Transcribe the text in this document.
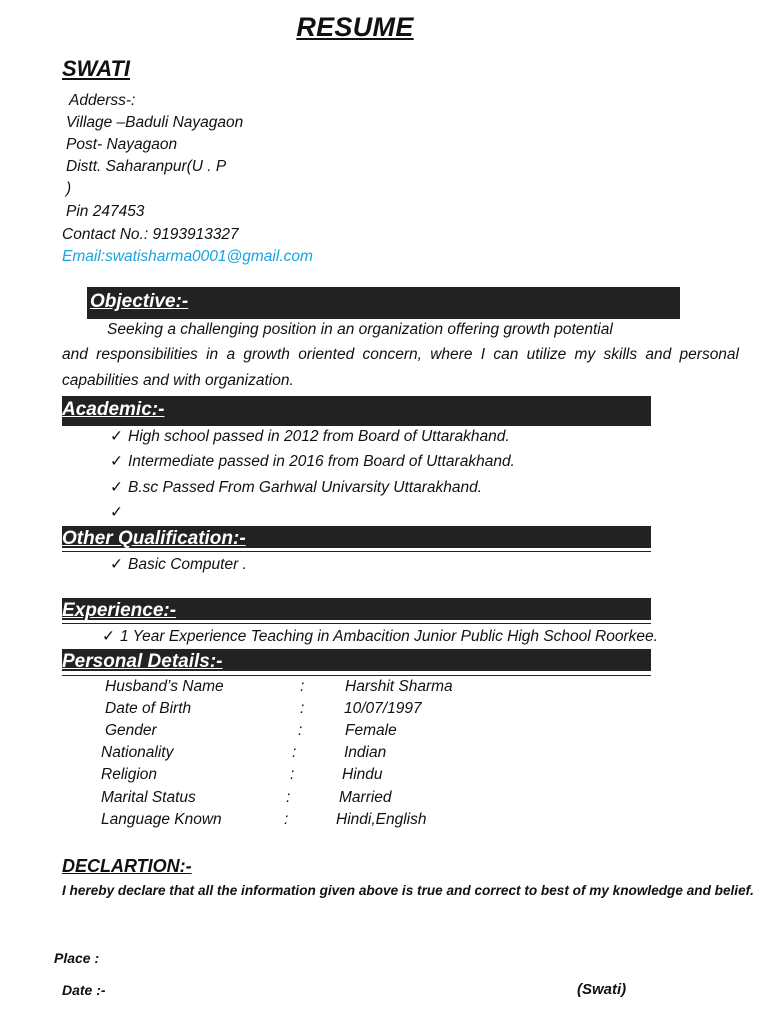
RESUME
SWATI
Adderss-:
Village –Baduli Nayagaon
Post- Nayagaon
Distt. Saharanpur(U . P
)
Pin 247453
Contact No.: 9193913327
Email:swatisharma0001@gmail.com
Objective:-
Seeking a challenging position in an organization offering growth potential
and responsibilities in a growth oriented concern, where I can utilize my skills and personal
capabilities and with organization.
Academic:-
✓ High school passed in 2012 from Board of Uttarakhand.
✓ Intermediate passed in 2016 from Board of Uttarakhand.
✓ B.sc Passed From Garhwal Univarsity Uttarakhand.
✓
Other Qualification:-
✓ Basic Computer .
Experience:-
✓ 1 Year Experience Teaching in Ambacition Junior Public High School Roorkee.
Personal Details:-
Husband’s Name	:	Harshit Sharma
Date of Birth	:	10/07/1997
Gender	:	Female
Nationality	:	Indian
Religion	:	Hindu
Marital Status	:	Married
Language Known	:	Hindi,English
DECLARTION:-
I hereby declare that all the information given above is true and correct to best of my knowledge and belief.
Place :
Date :-	(Swati)
